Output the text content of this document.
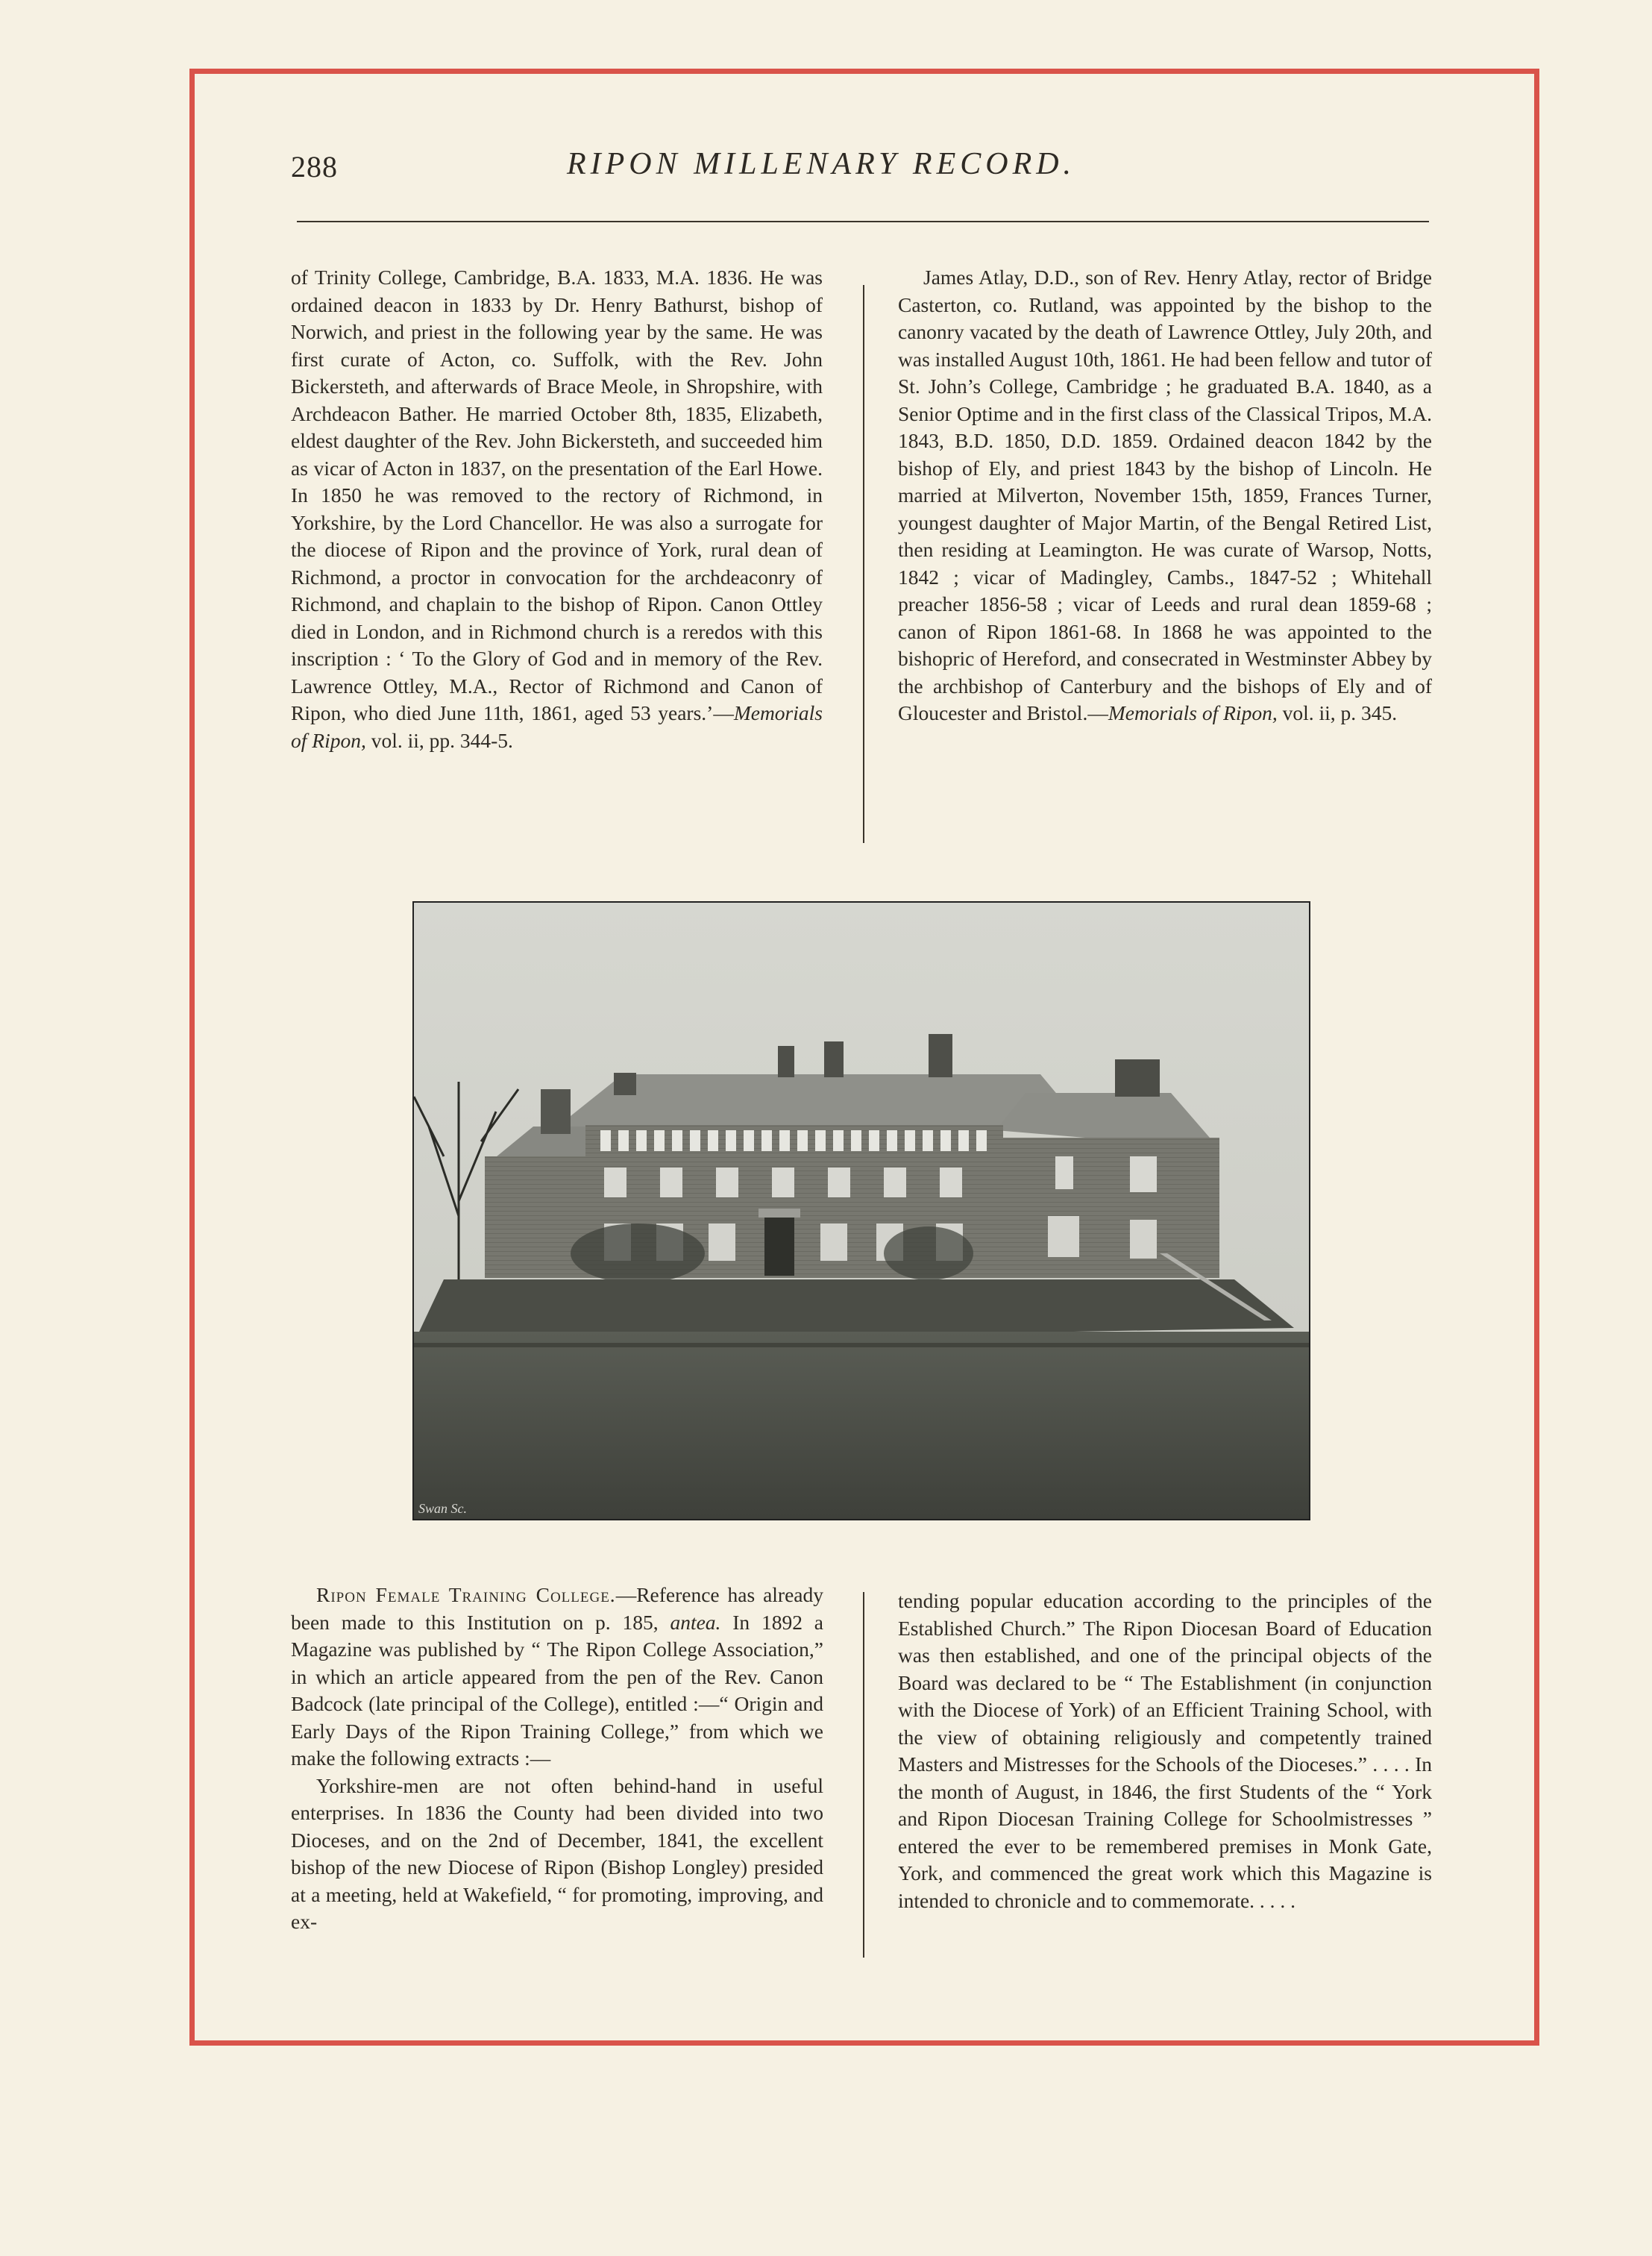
288	RIPON MILLENARY RECORD.

of Trinity College, Cambridge, B.A. 1833, M.A. 1836. He was ordained deacon in 1833 by Dr. Henry Bathurst, bishop of Norwich, and priest in the following year by the same. He was first curate of Acton, co. Suffolk, with the Rev. John Bickersteth, and afterwards of Brace Meole, in Shropshire, with Archdeacon Bather. He married October 8th, 1835, Elizabeth, eldest daughter of the Rev. John Bickersteth, and succeeded him as vicar of Acton in 1837, on the presentation of the Earl Howe. In 1850 he was removed to the rectory of Richmond, in Yorkshire, by the Lord Chancellor. He was also a surrogate for the diocese of Ripon and the province of York, rural dean of Richmond, a proctor in convocation for the archdeaconry of Richmond, and chaplain to the bishop of Ripon. Canon Ottley died in London, and in Richmond church is a reredos with this inscription : ‘ To the Glory of God and in memory of the Rev. Lawrence Ottley, M.A., Rector of Richmond and Canon of Ripon, who died June 11th, 1861, aged 53 years.’—Memorials of Ripon, vol. ii, pp. 344-5.

James Atlay, D.D., son of Rev. Henry Atlay, rector of Bridge Casterton, co. Rutland, was appointed by the bishop to the canonry vacated by the death of Lawrence Ottley, July 20th, and was installed August 10th, 1861. He had been fellow and tutor of St. John’s College, Cambridge ; he graduated B.A. 1840, as a Senior Optime and in the first class of the Classical Tripos, M.A. 1843, B.D. 1850, D.D. 1859. Ordained deacon 1842 by the bishop of Ely, and priest 1843 by the bishop of Lincoln. He married at Milverton, November 15th, 1859, Frances Turner, youngest daughter of Major Martin, of the Bengal Retired List, then residing at Leamington. He was curate of Warsop, Notts, 1842 ; vicar of Madingley, Cambs., 1847-52 ; Whitehall preacher 1856-58 ; vicar of Leeds and rural dean 1859-68 ; canon of Ripon 1861-68. In 1868 he was appointed to the bishopric of Hereford, and consecrated in Westminster Abbey by the archbishop of Canterbury and the bishops of Ely and of Gloucester and Bristol.—Memorials of Ripon, vol. ii, p. 345.

Swan Sc.

Ripon Female Training College.—Reference has already been made to this Institution on p. 185, antea. In 1892 a Magazine was published by “ The Ripon College Association,” in which an article appeared from the pen of the Rev. Canon Badcock (late principal of the College), entitled :—“ Origin and Early Days of the Ripon Training College,” from which we make the following extracts :—

Yorkshire-men are not often behind-hand in useful enterprises. In 1836 the County had been divided into two Dioceses, and on the 2nd of December, 1841, the excellent bishop of the new Diocese of Ripon (Bishop Longley) presided at a meeting, held at Wakefield, “ for promoting, improving, and ex-

tending popular education according to the principles of the Established Church.” The Ripon Diocesan Board of Education was then established, and one of the principal objects of the Board was declared to be “ The Establishment (in conjunction with the Diocese of York) of an Efficient Training School, with the view of obtaining religiously and competently trained Masters and Mistresses for the Schools of the Dioceses.” . . . . In the month of August, in 1846, the first Students of the “ York and Ripon Diocesan Training College for Schoolmistresses ” entered the ever to be remembered premises in Monk Gate, York, and commenced the great work which this Magazine is intended to chronicle and to commemorate. . . . .
